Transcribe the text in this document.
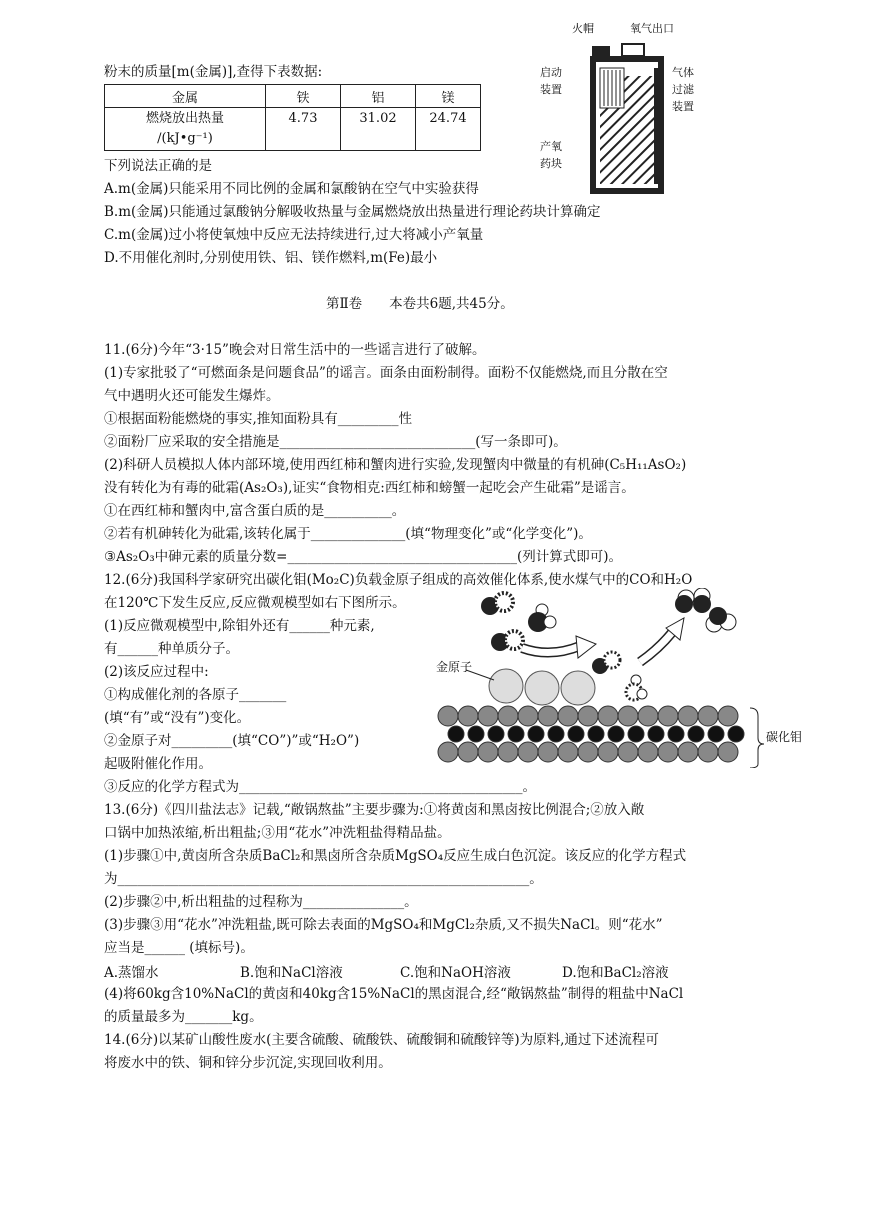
粉末的质量[m(金属)],查得下表数据:
金属	铁	铝	镁

燃烧放出热量
/(kJ•g⁻¹)	4.73	31.02	24.74
火帽	氧气出口
启动
装置
气体
过滤
装置
产氧
药块
下列说法正确的是
A.m(金属)只能采用不同比例的金属和氯酸钠在空气中实验获得
B.m(金属)只能通过氯酸钠分解吸收热量与金属燃烧放出热量进行理论药块计算确定
C.m(金属)过小将使氧烛中反应无法持续进行,过大将减小产氧量
D.不用催化剂时,分别使用铁、铝、镁作燃料,m(Fe)最小
第Ⅱ卷　　本卷共6题,共45分。
11.(6分)今年“3·15”晚会对日常生活中的一些谣言进行了破解。
(1)专家批驳了“可燃面条是问题食品”的谣言。面条由面粉制得。面粉不仅能燃烧,而且分散在空
气中遇明火还可能发生爆炸。
①根据面粉能燃烧的事实,推知面粉具有_________性
②面粉厂应采取的安全措施是_____________________________(写一条即可)。
(2)科研人员模拟人体内部环境,使用西红柿和蟹肉进行实验,发现蟹肉中微量的有机砷(C₅H₁₁AsO₂)
没有转化为有毒的砒霜(As₂O₃),证实“食物相克:西红柿和螃蟹一起吃会产生砒霜”是谣言。
①在西红柿和蟹肉中,富含蛋白质的是__________。
②若有机砷转化为砒霜,该转化属于______________(填“物理变化”或“化学变化”)。
③As₂O₃中砷元素的质量分数=__________________________________(列计算式即可)。
12.(6分)我国科学家研究出碳化钼(Mo₂C)负载金原子组成的高效催化体系,使水煤气中的CO和H₂O
在120℃下发生反应,反应微观模型如右下图所示。
(1)反应微观模型中,除钼外还有______种元素,
有______种单质分子。
(2)该反应过程中:
①构成催化剂的各原子_______
(填“有”或“没有”)变化。
②金原子对_________(填“CO”)”或“H₂O”)
起吸附催化作用。
③反应的化学方程式为__________________________________________。
金原子
碳化钼
13.(6分)《四川盐法志》记载,“敞锅熬盐”主要步骤为:①将黄卤和黑卤按比例混合;②放入敞
口锅中加热浓缩,析出粗盐;③用“花水”冲洗粗盐得精品盐。
(1)步骤①中,黄卤所含杂质BaCl₂和黑卤所含杂质MgSO₄反应生成白色沉淀。该反应的化学方程式
为_____________________________________________________________。
(2)步骤②中,析出粗盐的过程称为_______________。
(3)步骤③用“花水”冲洗粗盐,既可除去表面的MgSO₄和MgCl₂杂质,又不损失NaCl。则“花水”
应当是______ (填标号)。
A.蒸馏水	B.饱和NaCl溶液	C.饱和NaOH溶液	D.饱和BaCl₂溶液
(4)将60kg含10%NaCl的黄卤和40kg含15%NaCl的黑卤混合,经“敞锅熬盐”制得的粗盐中NaCl
的质量最多为_______kg。
14.(6分)以某矿山酸性废水(主要含硫酸、硫酸铁、硫酸铜和硫酸锌等)为原料,通过下述流程可
将废水中的铁、铜和锌分步沉淀,实现回收利用。
